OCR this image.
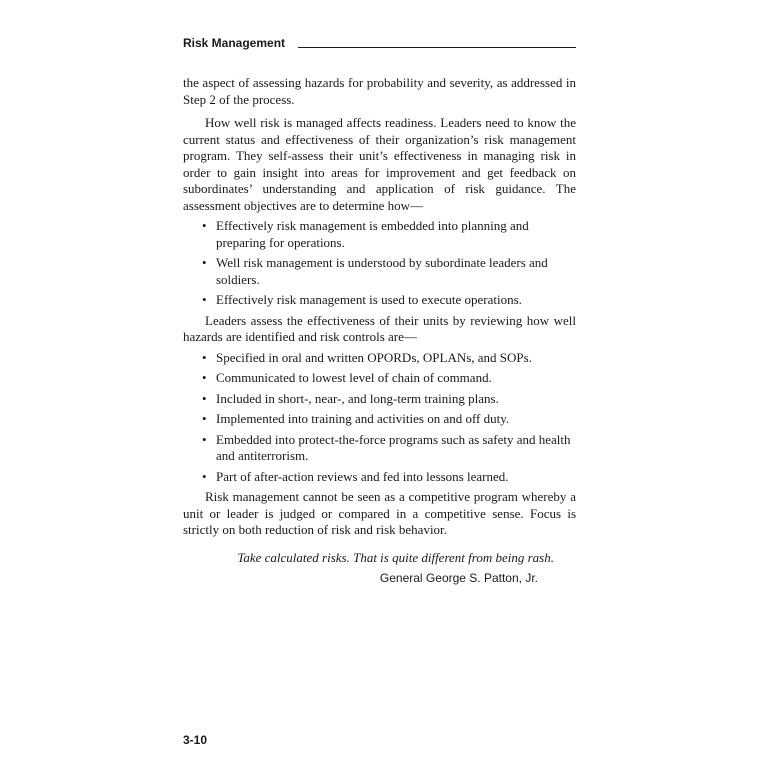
Risk Management

the aspect of assessing hazards for probability and severity, as addressed in Step 2 of the process.

How well risk is managed affects readiness. Leaders need to know the current status and effectiveness of their organization’s risk management program. They self-assess their unit’s effectiveness in managing risk in order to gain insight into areas for improvement and get feedback on subordinates’ understanding and application of risk guidance. The assessment objectives are to determine how—

• Effectively risk management is embedded into planning and preparing for operations.
• Well risk management is understood by subordinate leaders and soldiers.
• Effectively risk management is used to execute operations.

Leaders assess the effectiveness of their units by reviewing how well hazards are identified and risk controls are—

• Specified in oral and written OPORDs, OPLANs, and SOPs.
• Communicated to lowest level of chain of command.
• Included in short-, near-, and long-term training plans.
• Implemented into training and activities on and off duty.
• Embedded into protect-the-force programs such as safety and health and antiterrorism.
• Part of after-action reviews and fed into lessons learned.

Risk management cannot be seen as a competitive program whereby a unit or leader is judged or compared in a competitive sense. Focus is strictly on both reduction of risk and risk behavior.

Take calculated risks. That is quite different from being rash.
General George S. Patton, Jr.
3-10
